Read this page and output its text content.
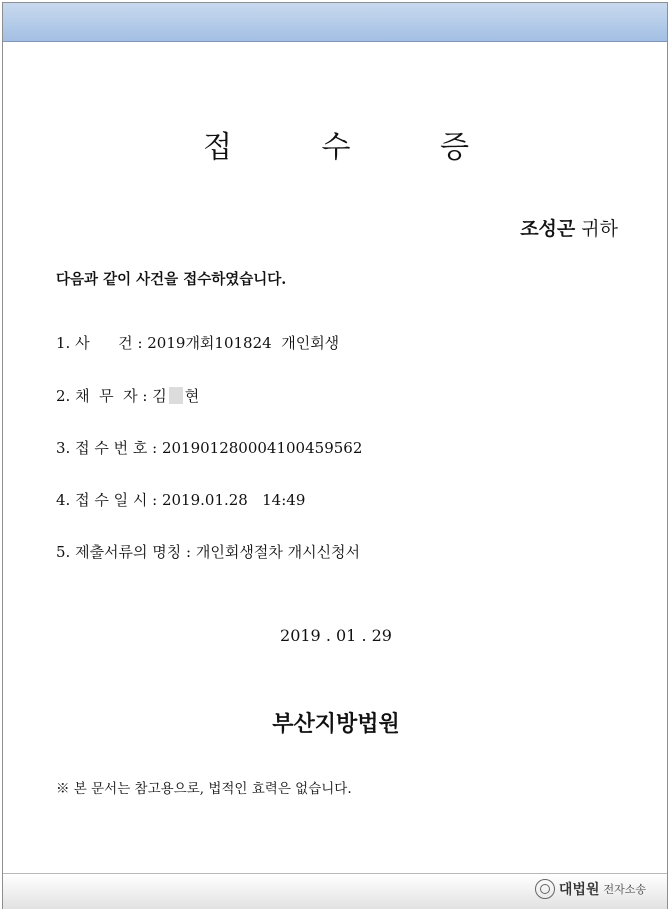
접 수 증
조성곤 귀하
다음과 같이 사건을 접수하였습니다.
1. 사      건 : 2019개회101824  개인회생
2. 채  무  자 : 김 현
3. 접 수 번 호 : 201901280004100459562
4. 접 수 일 시 : 2019.01.28   14:49
5. 제출서류의 명칭 : 개인회생절차 개시신청서
2019 . 01 . 29
부산지방법원
※ 본 문서는 참고용으로, 법적인 효력은 없습니다.
대법원 전자소송
